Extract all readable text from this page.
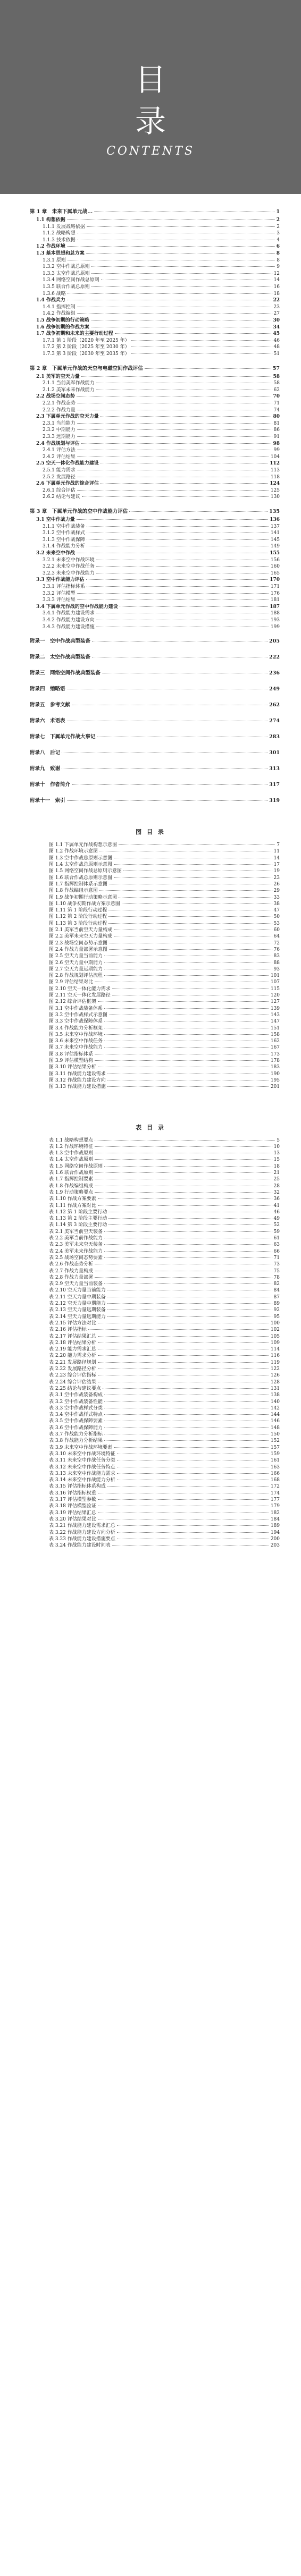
目
录
CONTENTS
第 1 章　未来下属单元战...	1
1.1 构想依据	2
1.1.1 发展战略依据	2
1.1.2 战略构想	3
1.1.3 技术依据	4
1.2 作战环境	6
1.3 基本思想和总方案	8
1.3.1 原则	8
1.3.2 空中作战总原则	9
1.3.3 太空作战总原则	12
1.3.4 网络空间作战总原则	14
1.3.5 联合作战总原则	16
1.3.6 战略	18
1.4 作战兵力	22
1.4.1 指挥控制	23
1.4.2 作战编组	27
1.5 战争初期的行动策略	30
1.6 战争初期的作战方案	34
1.7 战争初期和未来的主要行动过程	45
1.7.1 第 1 阶段（2020 年至 2025 年）	46
1.7.2 第 2 阶段（2025 年至 2030 年）	48
1.7.3 第 3 阶段（2030 年至 2035 年）	51
第 2 章　下属单元作战的天空与电磁空间作战评估	57
2.1 美军的空天力量	58
2.1.1 当前美军作战能力	58
2.1.2 美军未来作战能力	62
2.2 战场空间态势	70
2.2.1 作战态势	71
2.2.2 作战力量	74
2.3 下属单元作战的空天力量	80
2.3.1 当前能力	81
2.3.2 中期能力	86
2.3.3 远期能力	91
2.4 作战规划与评估	98
2.4.1 评估方法	99
2.4.2 评估结果	104
2.5 空天一体化作战能力建设	112
2.5.1 能力需求	113
2.5.2 发展路径	118
2.6 下属单元作战的综合评估	124
2.6.1 综合评估	125
2.6.2 结论与建议	130
第 3 章　下属单元作战的空中作战能力评估	135
3.1 空中作战力量	136
3.1.1 空中作战装备	137
3.1.2 空中作战样式	141
3.1.3 空中作战保障	145
3.1.4 作战能力分析	149
3.2 未来空中作战	155
3.2.1 未来空中作战环境	156
3.2.2 未来空中作战任务	160
3.2.3 未来空中作战能力	165
3.3 空中作战能力评估	170
3.3.1 评估指标体系	171
3.3.2 评估模型	176
3.3.3 评估结果	181
3.4 下属单元作战的空中作战能力建设	187
3.4.1 作战能力建设需求	188
3.4.2 作战能力建设方向	193
3.4.3 作战能力建设措施	199
附录一　空中作战典型装备	205
附录二　太空作战典型装备	222
附录三　网络空间作战典型装备	236
附录四　缩略语	249
附录五　参考文献	262
附录六　术语表	274
附录七　下属单元作战大事记	283
附录八　后记	301
附录九　致谢	313
附录十　作者简介	317
附录十一　索引	319
图 目 录
图 1.1 下属单元作战构想示意图	7
图 1.2 作战环境示意图	11
图 1.3 空中作战总原则示意图	14
图 1.4 太空作战总原则示意图	17
图 1.5 网络空间作战总原则示意图	19
图 1.6 联合作战总原则示意图	23
图 1.7 指挥控制体系示意图	26
图 1.8 作战编组示意图	29
图 1.9 战争初期行动策略示意图	33
图 1.10 战争初期作战方案示意图	38
图 1.11 第 1 阶段行动过程	47
图 1.12 第 2 阶段行动过程	50
图 1.13 第 3 阶段行动过程	53
图 2.1 美军当前空天力量构成	60
图 2.2 美军未来空天力量构成	64
图 2.3 战场空间态势示意图	72
图 2.4 作战力量部署示意图	76
图 2.5 空天力量当前能力	83
图 2.6 空天力量中期能力	88
图 2.7 空天力量远期能力	93
图 2.8 作战规划评估流程	101
图 2.9 评估结果对比	107
图 2.10 空天一体化能力需求	115
图 2.11 空天一体化发展路径	120
图 2.12 综合评估框架	127
图 3.1 空中作战装备体系	139
图 3.2 空中作战样式示意图	143
图 3.3 空中作战保障体系	147
图 3.4 作战能力分析框架	151
图 3.5 未来空中作战环境	158
图 3.6 未来空中作战任务	162
图 3.7 未来空中作战能力	167
图 3.8 评估指标体系	173
图 3.9 评估模型结构	178
图 3.10 评估结果分析	183
图 3.11 作战能力建设需求	190
图 3.12 作战能力建设方向	195
图 3.13 作战能力建设措施	201
表 目 录
表 1.1 战略构想要点	5
表 1.2 作战环境特征	10
表 1.3 空中作战原则	13
表 1.4 太空作战原则	15
表 1.5 网络空间作战原则	18
表 1.6 联合作战原则	21
表 1.7 指挥控制要素	25
表 1.8 作战编组构成	28
表 1.9 行动策略要点	32
表 1.10 作战方案要素	36
表 1.11 作战方案对比	41
表 1.12 第 1 阶段主要行动	46
表 1.13 第 2 阶段主要行动	49
表 1.14 第 3 阶段主要行动	52
表 2.1 美军当前空天装备	59
表 2.2 美军当前作战能力	61
表 2.3 美军未来空天装备	63
表 2.4 美军未来作战能力	66
表 2.5 战场空间态势要素	71
表 2.6 作战态势分析	73
表 2.7 作战力量构成	75
表 2.8 作战力量部署	78
表 2.9 空天力量当前装备	82
表 2.10 空天力量当前能力	84
表 2.11 空天力量中期装备	87
表 2.12 空天力量中期能力	89
表 2.13 空天力量远期装备	92
表 2.14 空天力量远期能力	95
表 2.15 评估方法对比	100
表 2.16 评估指标	102
表 2.17 评估结果汇总	105
表 2.18 评估结果分析	109
表 2.19 能力需求汇总	114
表 2.20 能力需求分析	116
表 2.21 发展路径规划	119
表 2.22 发展路径分析	122
表 2.23 综合评估指标	126
表 2.24 综合评估结果	128
表 2.25 结论与建议要点	131
表 3.1 空中作战装备构成	138
表 3.2 空中作战装备性能	140
表 3.3 空中作战样式分类	142
表 3.4 空中作战样式特点	144
表 3.5 空中作战保障要素	146
表 3.6 空中作战保障能力	148
表 3.7 作战能力分析指标	150
表 3.8 作战能力分析结果	152
表 3.9 未来空中作战环境要素	157
表 3.10 未来空中作战环境特征	159
表 3.11 未来空中作战任务分类	161
表 3.12 未来空中作战任务特点	163
表 3.13 未来空中作战能力需求	166
表 3.14 未来空中作战能力分析	168
表 3.15 评估指标体系构成	172
表 3.16 评估指标权重	174
表 3.17 评估模型参数	177
表 3.18 评估模型验证	179
表 3.19 评估结果汇总	182
表 3.20 评估结果对比	184
表 3.21 作战能力建设需求汇总	189
表 3.22 作战能力建设方向分析	194
表 3.23 作战能力建设措施要点	200
表 3.24 作战能力建设时间表	203
